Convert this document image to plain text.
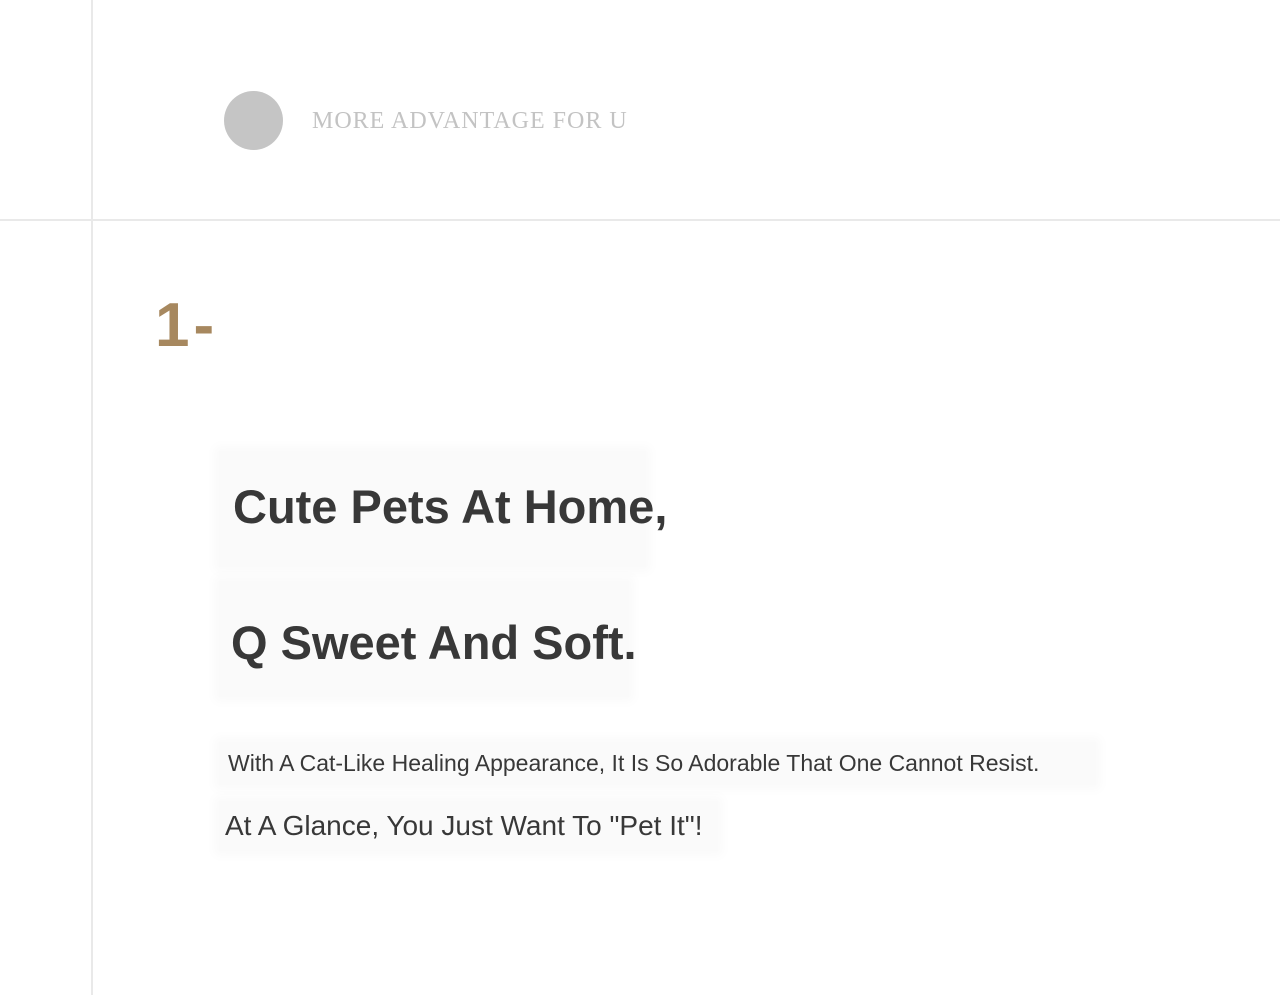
MORE ADVANTAGE FOR U
1-
Cute Pets At Home,
Q Sweet And Soft.

With A Cat-Like Healing Appearance, It Is So Adorable That One Cannot Resist.

At A Glance, You Just Want To "Pet It"!
